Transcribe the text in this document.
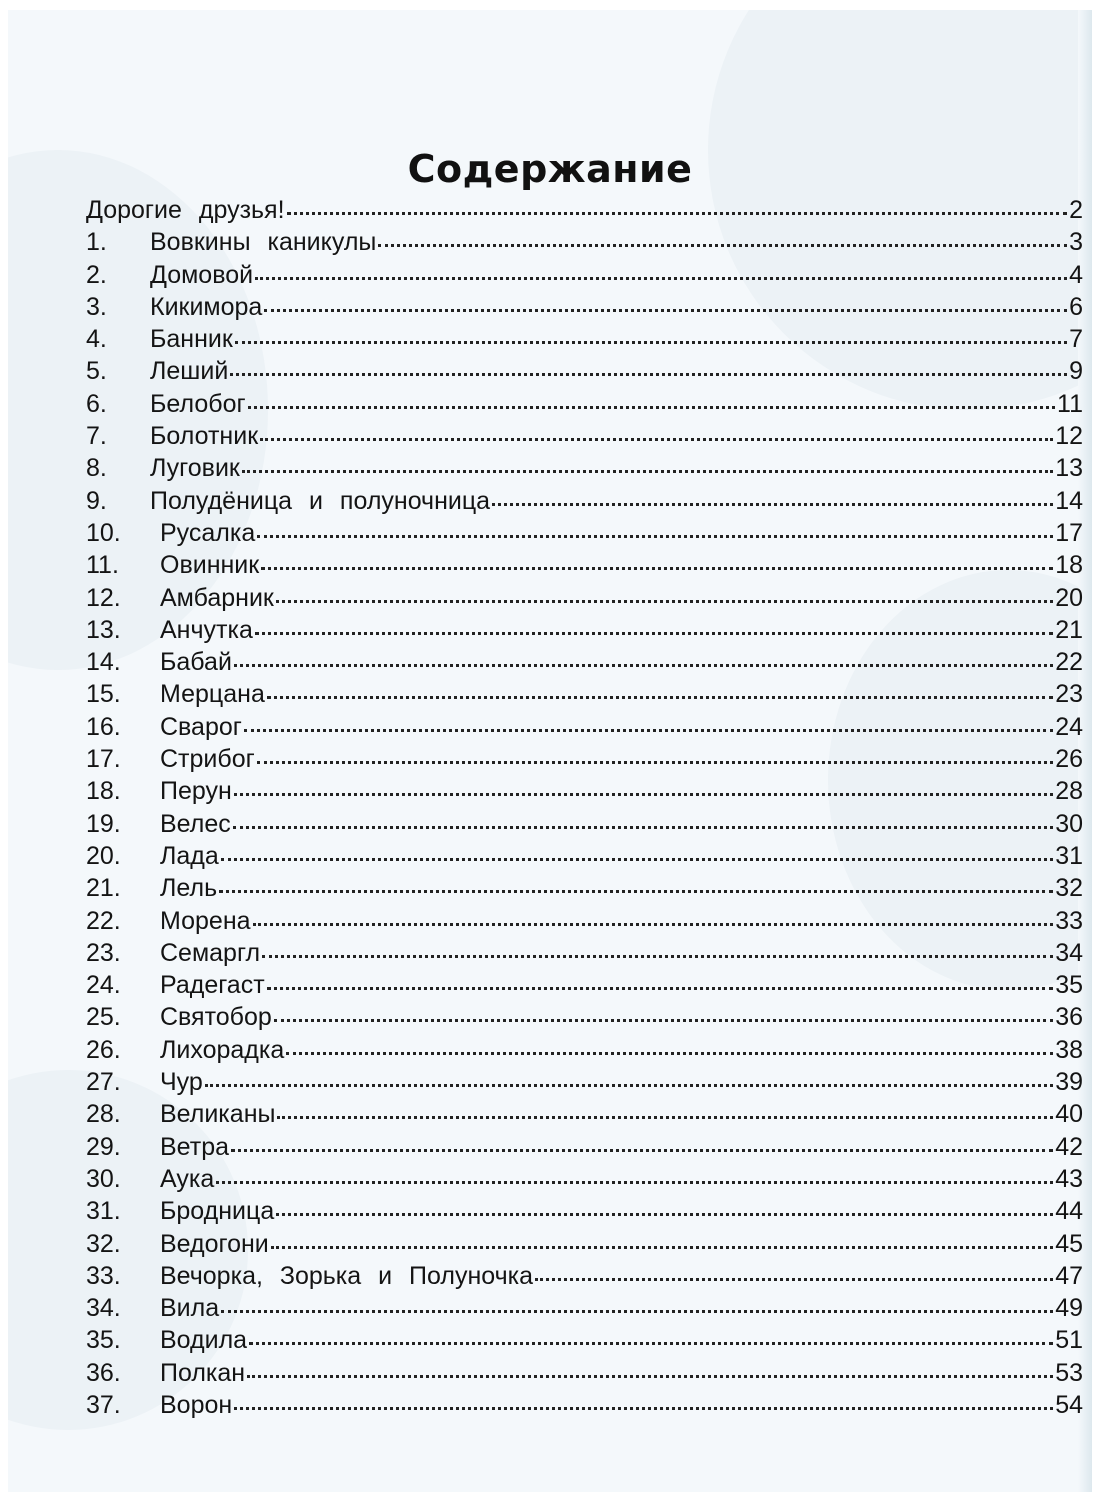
Содержание
Дорогие друзья!	2
1.	Вовкины каникулы	3
2.	Домовой	4
3.	Кикимора	6
4.	Банник	7
5.	Леший	9
6.	Белобог	11
7.	Болотник	12
8.	Луговик	13
9.	Полудёница и полуночница	14
10.	Русалка	17
11.	Овинник	18
12.	Амбарник	20
13.	Анчутка	21
14.	Бабай	22
15.	Мерцана	23
16.	Сварог	24
17.	Стрибог	26
18.	Перун	28
19.	Велес	30
20.	Лада	31
21.	Лель	32
22.	Морена	33
23.	Семаргл	34
24.	Радегаст	35
25.	Святобор	36
26.	Лихорадка	38
27.	Чур	39
28.	Великаны	40
29.	Ветра	42
30.	Аука	43
31.	Бродница	44
32.	Ведогони	45
33.	Вечорка, Зорька и Полуночка	47
34.	Вила	49
35.	Водила	51
36.	Полкан	53
37.	Ворон	54
